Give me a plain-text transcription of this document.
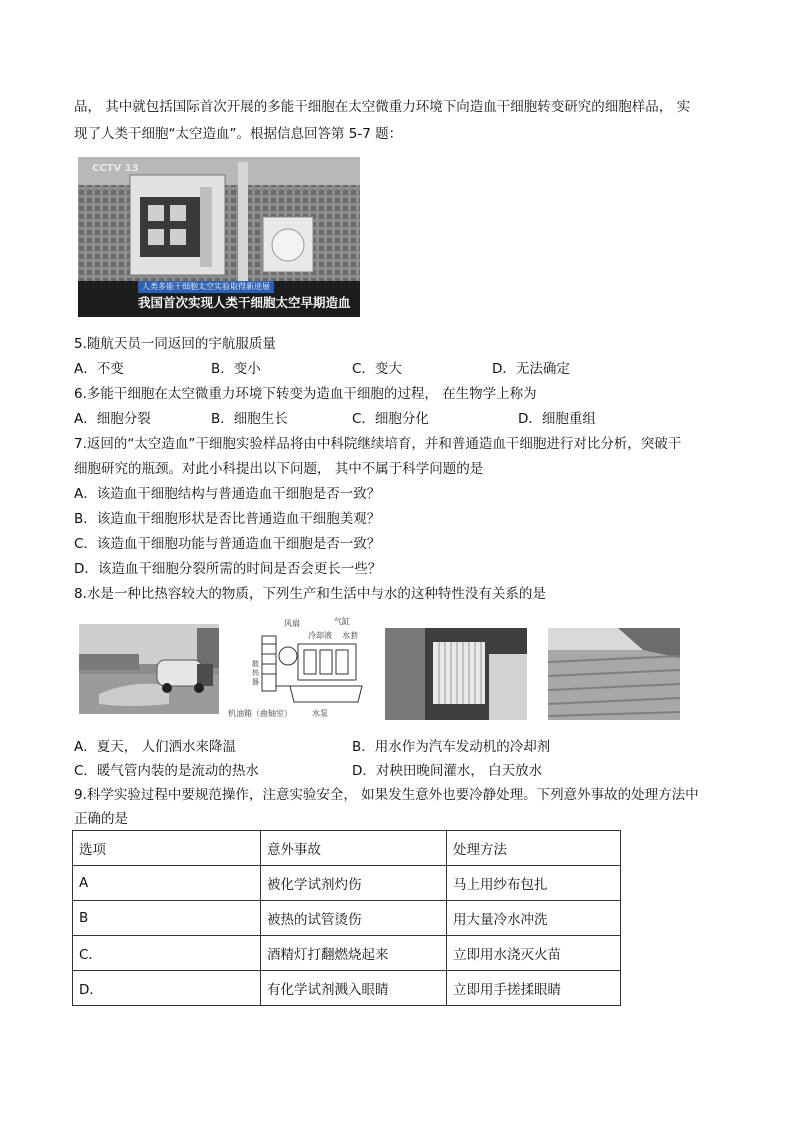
品， 其中就包括国际首次开展的多能干细胞在太空微重力环境下向造血干细胞转变研究的细胞样品， 实
现了人类干细胞“太空造血”。根据信息回答第 5-7 题：
CCTV 13
人类多能干细胞太空实验取得新进展
我国首次实现人类干细胞太空早期造血
5.随航天员一同返回的宇航服质量
A．不变	B．变小	C．变大	D．无法确定
6.多能干细胞在太空微重力环境下转变为造血干细胞的过程， 在生物学上称为
A．细胞分裂	B．细胞生长	C．细胞分化	D．细胞重组
7.返回的“太空造血”干细胞实验样品将由中科院继续培育，并和普通造血干细胞进行对比分析，突破干
细胞研究的瓶颈。对此小科提出以下问题， 其中不属于科学问题的是
A．该造血干细胞结构与普通造血干细胞是否一致？
B．该造血干细胞形状是否比普通造血干细胞美观？
C．该造血干细胞功能与普通造血干细胞是否一致？
D．该造血干细胞分裂所需的时间是否会更长一些？
8.水是一种比热容较大的物质，下列生产和生活中与水的这种特性没有关系的是
风扇
冷却液
气缸
水套
散热器
机油箱（曲轴室）	水泵
A．夏天， 人们洒水来降温	B．用水作为汽车发动机的冷却剂
C．暖气管内装的是流动的热水	D．对秧田晚间灌水， 白天放水
9.科学实验过程中要规范操作，注意实验安全， 如果发生意外也要冷静处理。下列意外事故的处理方法中
正确的是
选项	意外事故	处理方法
A	被化学试剂灼伤	马上用纱布包扎
B	被热的试管烫伤	用大量冷水冲洗
C．	酒精灯打翻燃烧起来	立即用水浇灭火苗
D．	有化学试剂溅入眼睛	立即用手搓揉眼睛
